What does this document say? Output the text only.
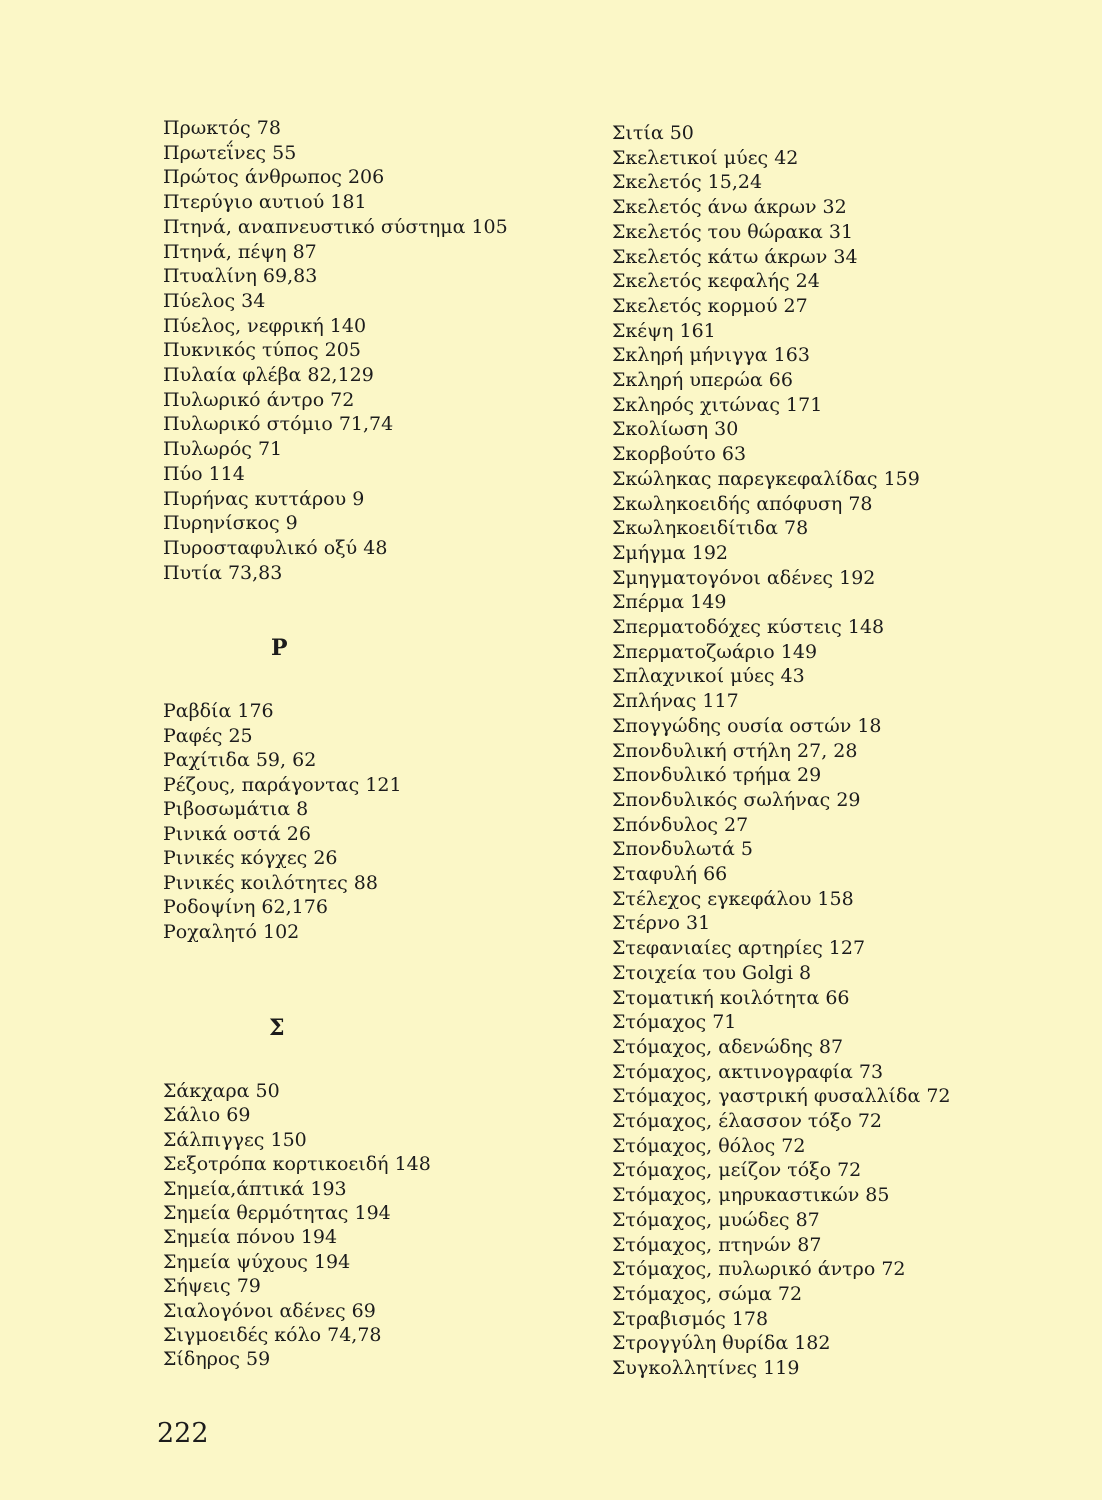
Πρωκτός 78
Πρωτεΐνες 55
Πρώτος άνθρωπος 206
Πτερύγιο αυτιού 181
Πτηνά, αναπνευστικό σύστημα 105
Πτηνά, πέψη 87
Πτυαλίνη 69,83
Πύελος 34
Πύελος, νεφρική 140
Πυκνικός τύπος 205
Πυλαία φλέβα 82,129
Πυλωρικό άντρο 72
Πυλωρικό στόμιο 71,74
Πυλωρός 71
Πύο 114
Πυρήνας κυττάρου 9
Πυρηνίσκος 9
Πυροσταφυλικό οξύ 48
Πυτία 73,83
Ρ
Ραβδία 176
Ραφές 25
Ραχίτιδα 59, 62
Ρέζους, παράγοντας 121
Ριβοσωμάτια 8
Ρινικά οστά 26
Ρινικές κόγχες 26
Ρινικές κοιλότητες 88
Ροδοψίνη 62,176
Ροχαλητό 102
Σ
Σάκχαρα 50
Σάλιο 69
Σάλπιγγες 150
Σεξοτρόπα κορτικοειδή 148
Σημεία,άπτικά 193
Σημεία θερμότητας 194
Σημεία πόνου 194
Σημεία ψύχους 194
Σήψεις 79
Σιαλογόνοι αδένες 69
Σιγμοειδές κόλο 74,78
Σίδηρος 59
Σιτία 50
Σκελετικοί μύες 42
Σκελετός 15,24
Σκελετός άνω άκρων 32
Σκελετός του θώρακα 31
Σκελετός κάτω άκρων 34
Σκελετός κεφαλής 24
Σκελετός κορμού 27
Σκέψη 161
Σκληρή μήνιγγα 163
Σκληρή υπερώα 66
Σκληρός χιτώνας 171
Σκολίωση 30
Σκορβούτο 63
Σκώληκας παρεγκεφαλίδας 159
Σκωληκοειδής απόφυση 78
Σκωληκοειδίτιδα 78
Σμήγμα 192
Σμηγματογόνοι αδένες 192
Σπέρμα 149
Σπερματοδόχες κύστεις 148
Σπερματοζωάριο 149
Σπλαχνικοί μύες 43
Σπλήνας 117
Σπογγώδης ουσία οστών 18
Σπονδυλική στήλη 27, 28
Σπονδυλικό τρήμα 29
Σπονδυλικός σωλήνας 29
Σπόνδυλος 27
Σπονδυλωτά 5
Σταφυλή 66
Στέλεχος εγκεφάλου 158
Στέρνο 31
Στεφανιαίες αρτηρίες 127
Στοιχεία του Golgi 8
Στοματική κοιλότητα 66
Στόμαχος 71
Στόμαχος, αδενώδης 87
Στόμαχος, ακτινογραφία 73
Στόμαχος, γαστρική φυσαλλίδα 72
Στόμαχος, έλασσον τόξο 72
Στόμαχος, θόλος 72
Στόμαχος, μείζον τόξο 72
Στόμαχος, μηρυκαστικών 85
Στόμαχος, μυώδες 87
Στόμαχος, πτηνών 87
Στόμαχος, πυλωρικό άντρο 72
Στόμαχος, σώμα 72
Στραβισμός 178
Στρογγύλη θυρίδα 182
Συγκολλητίνες 119
222
